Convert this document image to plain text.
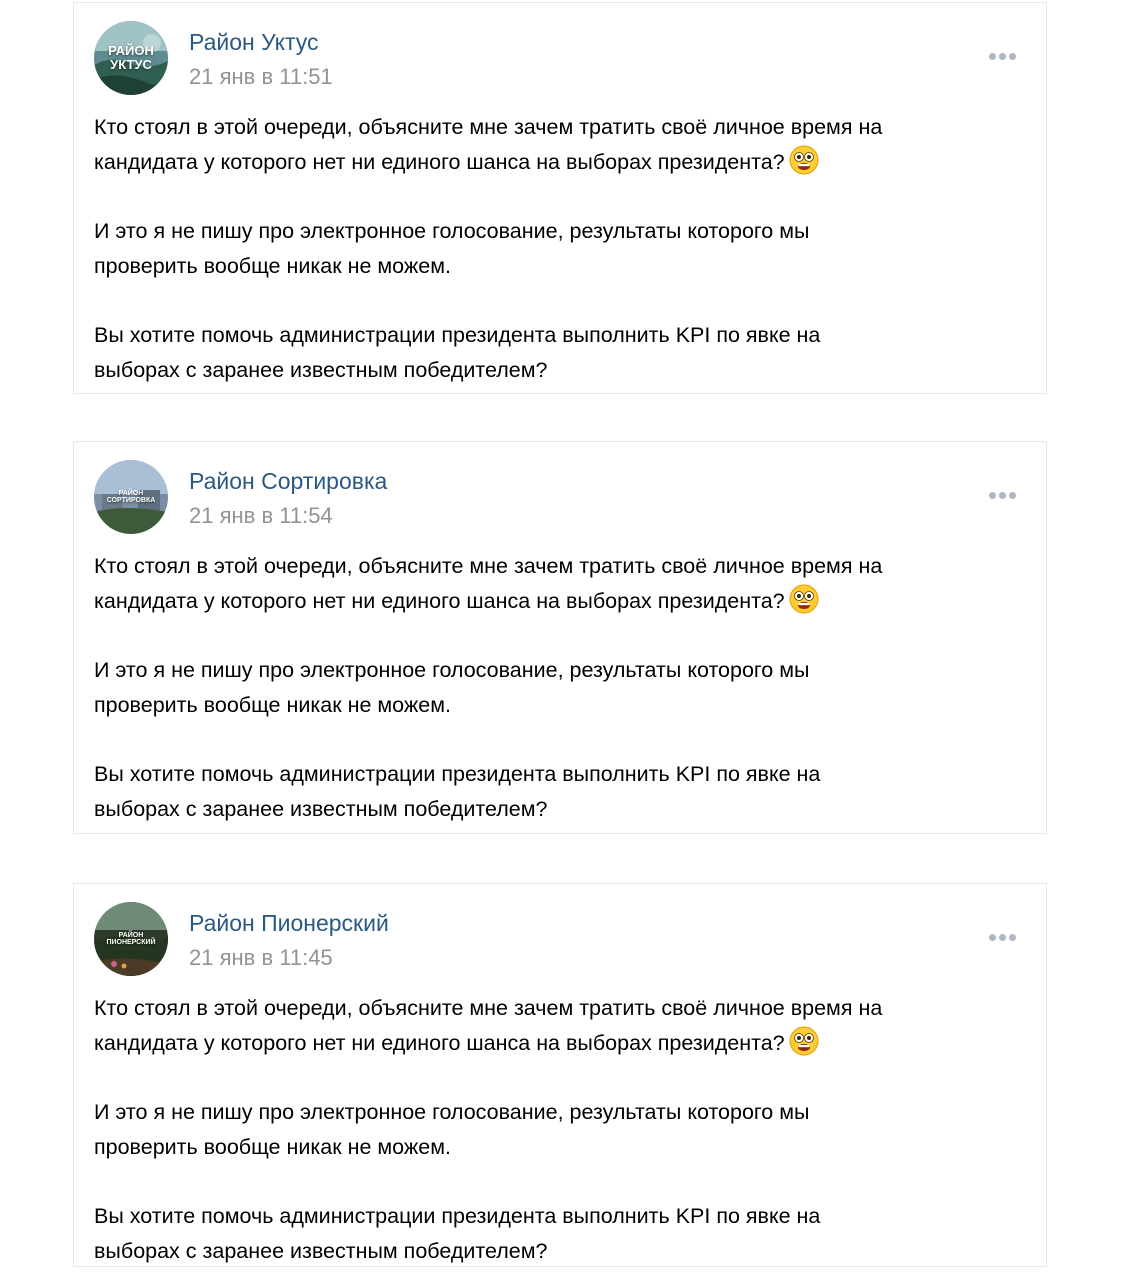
РАЙОН
УКТУС
Район Уктус
21 янв в 11:51

Кто стоял в этой очереди, объясните мне зачем тратить своё личное время на
кандидата у которого нет ни единого шанса на выборах президента?

И это я не пишу про электронное голосование, результаты которого мы
проверить вообще никак не можем.

Вы хотите помочь администрации президента выполнить KPI по явке на
выборах с заранее известным победителем?

РАЙОН
СОРТИРОВКА
Район Сортировка
21 янв в 11:54

Кто стоял в этой очереди, объясните мне зачем тратить своё личное время на
кандидата у которого нет ни единого шанса на выборах президента?

И это я не пишу про электронное голосование, результаты которого мы
проверить вообще никак не можем.

Вы хотите помочь администрации президента выполнить KPI по явке на
выборах с заранее известным победителем?

РАЙОН
ПИОНЕРСКИЙ
Район Пионерский
21 янв в 11:45

Кто стоял в этой очереди, объясните мне зачем тратить своё личное время на
кандидата у которого нет ни единого шанса на выборах президента?

И это я не пишу про электронное голосование, результаты которого мы
проверить вообще никак не можем.

Вы хотите помочь администрации президента выполнить KPI по явке на
выборах с заранее известным победителем?
